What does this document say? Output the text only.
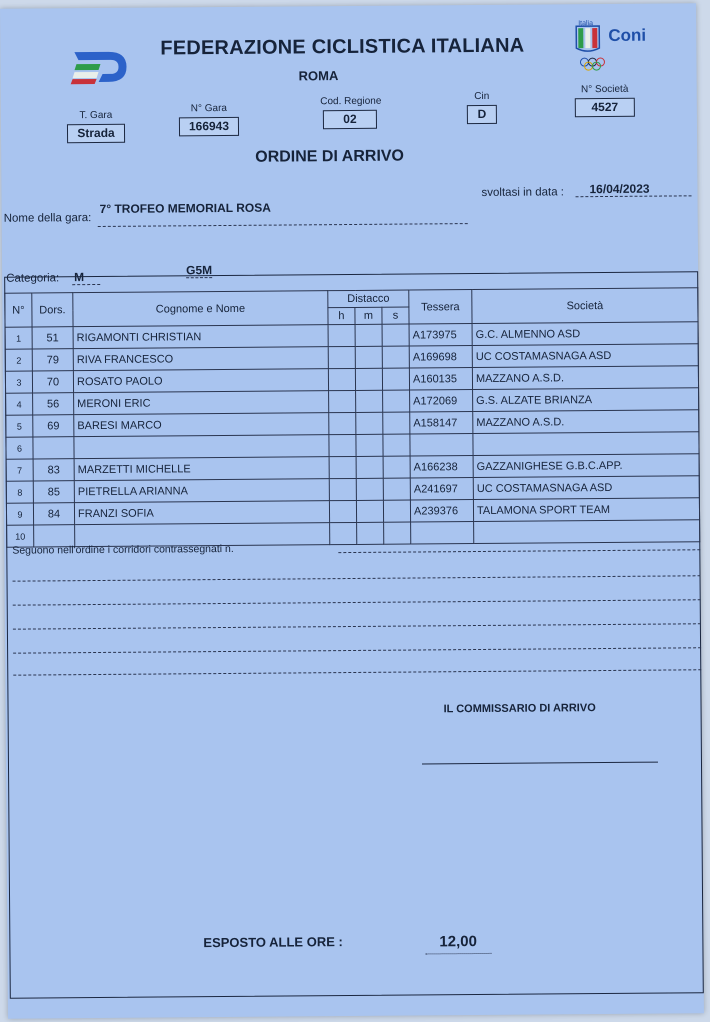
FEDERAZIONE CICLISTICA ITALIANA
ROMA
Italia
Coni
T. Gara
Strada
N° Gara
166943
Cod. Regione
02
Cin
D
N° Società
4527
ORDINE DI ARRIVO
Nome della gara:
7° TROFEO MEMORIAL ROSA
svoltasi in data : 16/04/2023
Categoria: M	G5M
N°	Dors.	Cognome e Nome	Distacco			Tessera	Società
			h	m	s		
1	51	RIGAMONTI CHRISTIAN				A173975	G.C. ALMENNO ASD
2	79	RIVA FRANCESCO				A169698	UC COSTAMASNAGA ASD
3	70	ROSATO PAOLO				A160135	MAZZANO A.S.D.
4	56	MERONI ERIC				A172069	G.S. ALZATE BRIANZA
5	69	BARESI MARCO				A158147	MAZZANO A.S.D.
6							
7	83	MARZETTI MICHELLE				A166238	GAZZANIGHESE G.B.C.APP.
8	85	PIETRELLA ARIANNA				A241697	UC COSTAMASNAGA ASD
9	84	FRANZI SOFIA				A239376	TALAMONA SPORT TEAM
10							
Seguono nell'ordine i corridori contrassegnati n.
IL COMMISSARIO DI ARRIVO
ESPOSTO ALLE ORE :	12,00
